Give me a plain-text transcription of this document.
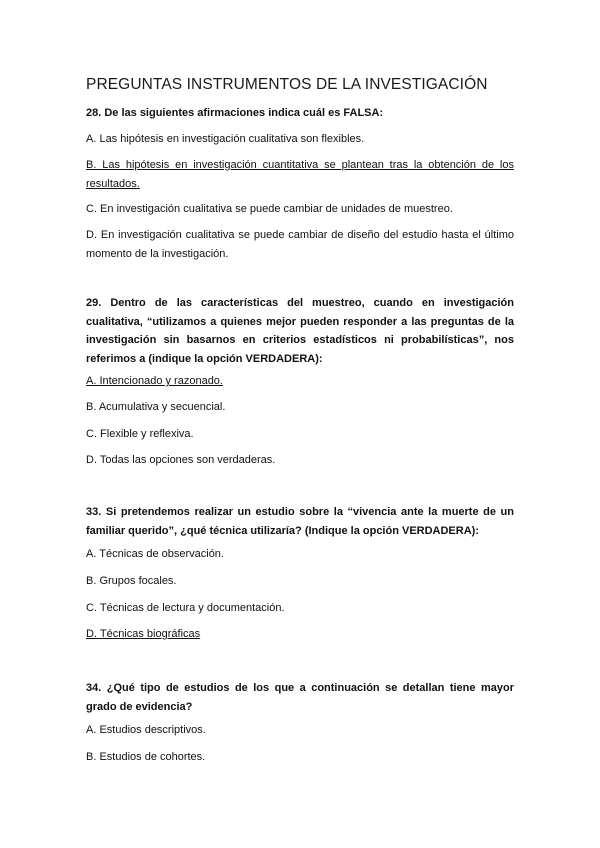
PREGUNTAS INSTRUMENTOS DE LA INVESTIGACIÓN
28. De las siguientes afirmaciones indica cuál es FALSA:
A. Las hipótesis en investigación cualitativa son flexibles.
B. Las hipótesis en investigación cuantitativa se plantean tras la obtención de los resultados.
C. En investigación cualitativa se puede cambiar de unidades de muestreo.
D. En investigación cualitativa se puede cambiar de diseño del estudio hasta el último momento de la investigación.
29. Dentro de las características del muestreo, cuando en investigación cualitativa, “utilizamos a quienes mejor pueden responder a las preguntas de la investigación sin basarnos en criterios estadísticos ni probabilísticas”, nos referimos a (indique la opción VERDADERA):
A. Intencionado y razonado.
B. Acumulativa y secuencial.
C. Flexible y reflexiva.
D. Todas las opciones son verdaderas.
33. Si pretendemos realizar un estudio sobre la “vivencia ante la muerte de un familiar querido”, ¿qué técnica utilizaría? (Indique la opción VERDADERA):
A. Técnicas de observación.
B. Grupos focales.
C. Técnicas de lectura y documentación.
D. Técnicas biográficas
34. ¿Qué tipo de estudios de los que a continuación se detallan tiene mayor grado de evidencia?
A. Estudios descriptivos.
B. Estudios de cohortes.
